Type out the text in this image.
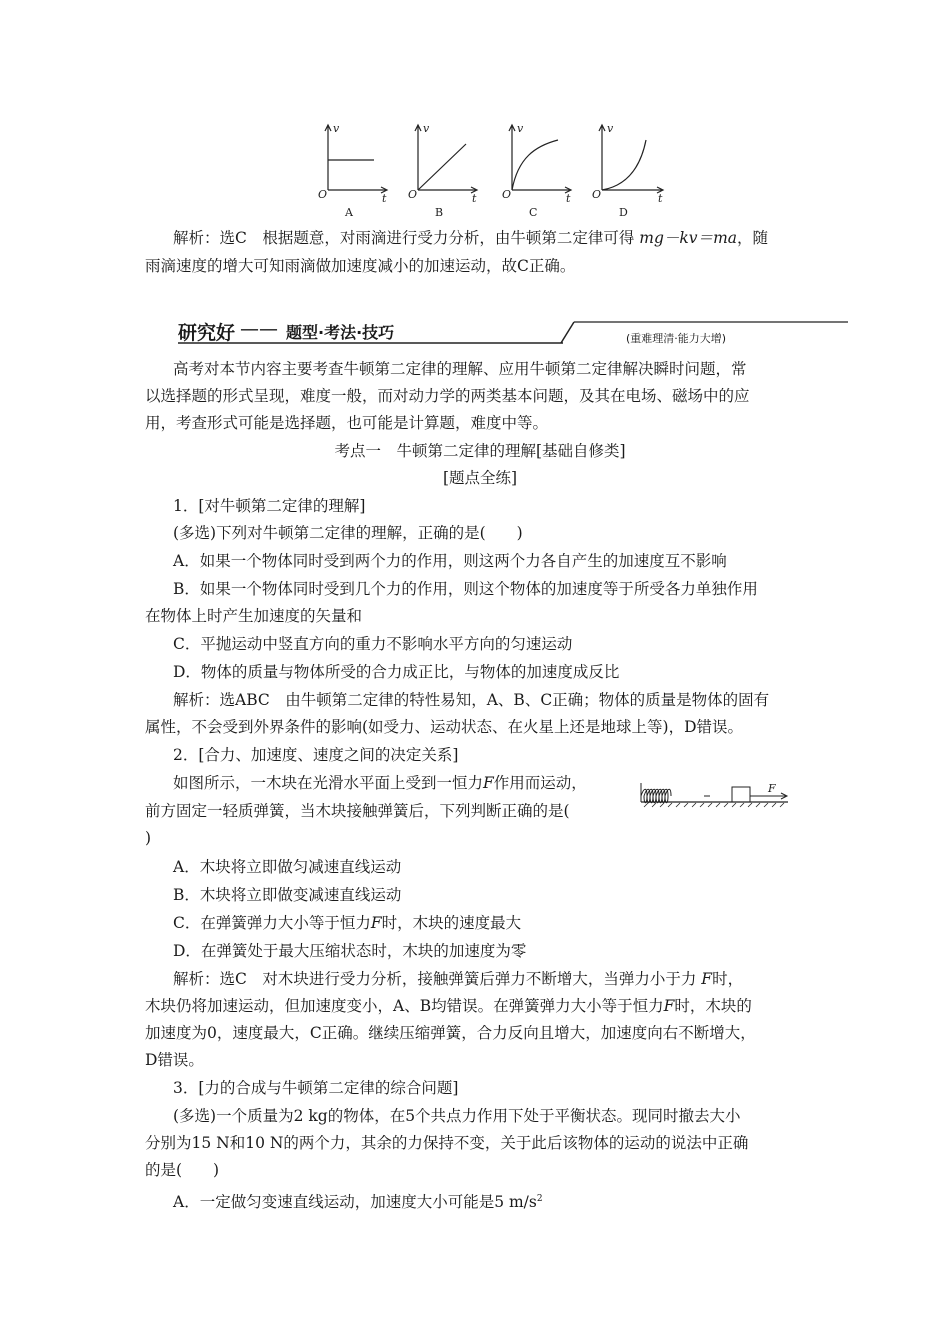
v
O	t
v
O	t
v
O	t
v
O	t
A	B	C	D
解析：选C　根据题意，对雨滴进行受力分析，由牛顿第二定律可得 mg－kv＝ma，随
雨滴速度的增大可知雨滴做加速度减小的加速运动，故C正确。
研究好 —— 题型·考法·技巧	(重难理清·能力大增)
高考对本节内容主要考查牛顿第二定律的理解、应用牛顿第二定律解决瞬时问题，常
以选择题的形式呈现，难度一般，而对动力学的两类基本问题，及其在电场、磁场中的应
用，考查形式可能是选择题，也可能是计算题，难度中等。
考点一　牛顿第二定律的理解[基础自修类]
[题点全练]
1．[对牛顿第二定律的理解]
(多选)下列对牛顿第二定律的理解，正确的是(　　)
A．如果一个物体同时受到两个力的作用，则这两个力各自产生的加速度互不影响
B．如果一个物体同时受到几个力的作用，则这个物体的加速度等于所受各力单独作用
在物体上时产生加速度的矢量和
C．平抛运动中竖直方向的重力不影响水平方向的匀速运动
D．物体的质量与物体所受的合力成正比，与物体的加速度成反比
解析：选ABC　由牛顿第二定律的特性易知，A、B、C正确；物体的质量是物体的固有
属性，不会受到外界条件的影响(如受力、运动状态、在火星上还是地球上等)，D错误。
2．[合力、加速度、速度之间的决定关系]
如图所示，一木块在光滑水平面上受到一恒力F作用而运动，
前方固定一轻质弹簧，当木块接触弹簧后，下列判断正确的是(
)
F
A．木块将立即做匀减速直线运动
B．木块将立即做变减速直线运动
C．在弹簧弹力大小等于恒力F时，木块的速度最大
D．在弹簧处于最大压缩状态时，木块的加速度为零
解析：选C　对木块进行受力分析，接触弹簧后弹力不断增大，当弹力小于力 F时，
木块仍将加速运动，但加速度变小，A、B均错误。在弹簧弹力大小等于恒力F时，木块的
加速度为0，速度最大，C正确。继续压缩弹簧，合力反向且增大，加速度向右不断增大，
D错误。
3．[力的合成与牛顿第二定律的综合问题]
(多选)一个质量为2 kg的物体，在5个共点力作用下处于平衡状态。现同时撤去大小
分别为15 N和10 N的两个力，其余的力保持不变，关于此后该物体的运动的说法中正确
的是(　　)
A．一定做匀变速直线运动，加速度大小可能是5 $m/s^2$
